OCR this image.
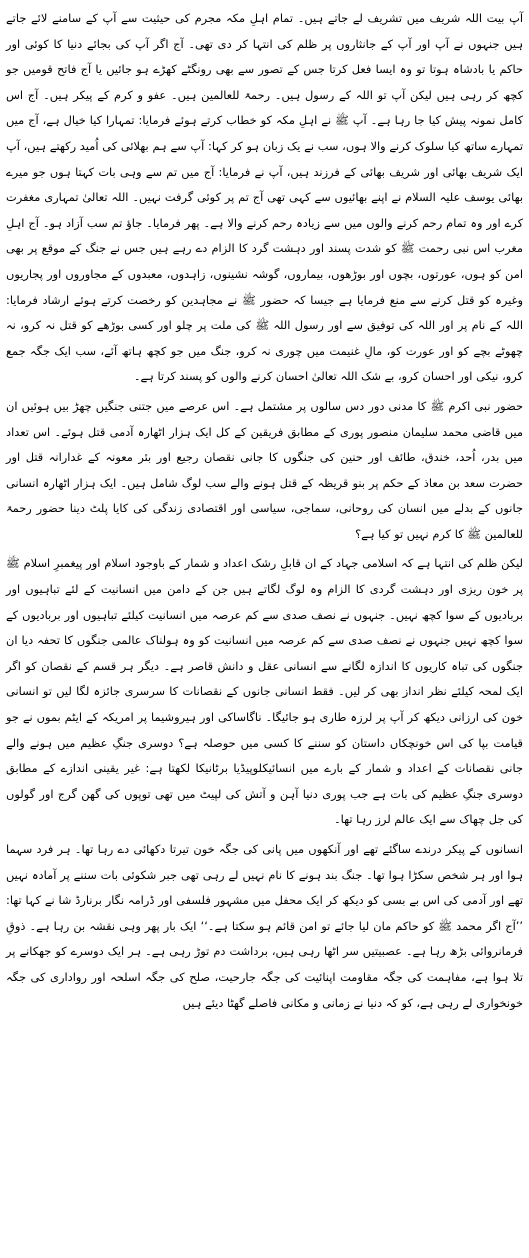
آپ بیت اللہ شریف میں تشریف لے جاتے ہیں۔ تمام اہلِ مکہ مجرم کی حیثیت سے آپ کے سامنے لائے جاتے ہیں جنہوں نے آپ اور آپ کے جانثاروں پر ظلم کی انتہا کر دی تھی۔ آج اگر آپ کی بجائے دنیا کا کوئی اور حاکم یا بادشاہ ہوتا تو وہ ایسا فعل کرتا جس کے تصور سے بھی رونگٹے کھڑے ہو جائیں یا آج فاتح قومیں جو کچھ کر رہی ہیں لیکن آپ تو اللہ کے رسول ہیں۔ رحمۃ للعالمین ہیں۔ عفو و کرم کے پیکر ہیں۔ آج اس کامل نمونہ پیش کیا جا رہا ہے۔ آپ ﷺ نے اہلِ مکہ کو خطاب کرتے ہوئے فرمایا: تمہارا کیا خیال ہے، آج میں تمہارے ساتھ کیا سلوک کرنے والا ہوں، سب نے یک زبان ہو کر کہا: آپ سے ہم بھلائی کی اُمید رکھتے ہیں، آپ ایک شریف بھائی اور شریف بھائی کے فرزند ہیں، آپ نے فرمایا: آج میں تم سے وہی بات کہتا ہوں جو میرے بھائی یوسف علیہ السلام نے اپنے بھائیوں سے کہی تھی آج تم پر کوئی گرفت نہیں۔ اللہ تعالیٰ تمہاری مغفرت کرے اور وہ تمام رحم کرنے والوں میں سے زیادہ رحم کرنے والا ہے۔ پھر فرمایا۔ جاؤ تم سب آزاد ہو۔ آج اہلِ مغرب اس نبی رحمت ﷺ کو شدت پسند اور دہشت گرد کا الزام دے رہے ہیں جس نے جنگ کے موقع پر بھی امن کو ہوں، عورتوں، بچوں اور بوڑھوں، بیماروں، گوشہ نشینوں، زاہدوں، معبدوں کے مجاوروں اور پجاریوں وغیرہ کو قتل کرنے سے منع فرمایا ہے جیسا کہ حضور ﷺ نے مجاہدین کو رخصت کرتے ہوئے ارشاد فرمایا: اللہ کے نام پر اور اللہ کی توفیق سے اور رسول اللہ ﷺ کی ملت پر چلو اور کسی بوڑھے کو قتل نہ کرو، نہ چھوٹے بچے کو اور عورت کو، مالِ غنیمت میں چوری نہ کرو، جنگ میں جو کچھ ہاتھ آئے، سب ایک جگہ جمع کرو، نیکی اور احسان کرو، بے شک اللہ تعالیٰ احسان کرنے والوں کو پسند کرتا ہے۔

حضور نبی اکرم ﷺ کا مدنی دور دس سالوں پر مشتمل ہے۔ اس عرصے میں جتنی جنگیں چھڑ بیں ہوئیں ان میں قاضی محمد سلیمان منصور پوری کے مطابق فریقین کے کل ایک ہزار اٹھارہ آدمی قتل ہوئے۔ اس تعداد میں بدر، اُحد، خندق، طائف اور حنین کی جنگوں کا جانی نقصان رجیع اور بئر معونہ کے غدارانہ قتل اور حضرت سعد بن معاذ کے حکم پر بنو قریظہ کے قتل ہونے والے سب لوگ شامل ہیں۔ ایک ہزار اٹھارہ انسانی جانوں کے بدلے میں انسان کی روحانی، سماجی، سیاسی اور اقتصادی زندگی کی کایا پلٹ دینا حضور رحمۃ للعالمین ﷺ کا کرم نہیں تو کیا ہے؟

لیکن ظلم کی انتہا ہے کہ اسلامی جہاد کے ان قابلِ رشک اعداد و شمار کے باوجود اسلام اور پیغمبرِ اسلام ﷺ پر خون ریزی اور دہشت گردی کا الزام وہ لوگ لگاتے ہیں جن کے دامن میں انسانیت کے لئے تباہیوں اور بربادیوں کے سوا کچھ نہیں۔ جنہوں نے نصف صدی سے کم عرصہ میں انسانیت کیلئے تباہیوں اور بربادیوں کے سوا کچھ نہیں جنہوں نے نصف صدی سے کم عرصہ میں انسانیت کو وہ ہولناک عالمی جنگوں کا تحفہ دیا ان جنگوں کی تباہ کاریوں کا اندازہ لگانے سے انسانی عقل و دانش قاصر ہے۔ دیگر ہر قسم کے نقصان کو اگر ایک لمحہ کیلئے نظر انداز بھی کر لیں۔ فقط انسانی جانوں کے نقصانات کا سرسری جائزہ لگا لیں تو انسانی خون کی ارزانی دیکھ کر آپ پر لرزہ طاری ہو جائیگا۔ ناگاساکی اور ہیروشیما پر امریکہ کے ایٹم بموں نے جو قیامت بپا کی اس خونچکاں داستان کو سننے کا کسی میں حوصلہ ہے؟ دوسری جنگِ عظیم میں ہونے والے جانی نقصانات کے اعداد و شمار کے بارے میں انسائیکلوپیڈیا برٹانیکا لکھتا ہے: غیر یقینی اندازے کے مطابق دوسری جنگِ عظیم کی بات ہے جب پوری دنیا آہن و آتش کی لپیٹ میں تھی توپوں کی گھن گرج اور گولوں کی جل چھاک سے ایک عالم لرز رہا تھا۔

انسانوں کے پیکر درندے ساگئے تھے اور آنکھوں میں پانی کی جگہ خون تیرتا دکھائی دے رہا تھا۔ ہر فرد سہما ہوا اور ہر شخص سکڑا ہوا تھا۔ جنگ بند ہونے کا نام نہیں لے رہی تھی جبر شکوئی بات سننے پر آمادہ نہیں تھے اور آدمی کی اس بے بسی کو دیکھ کر ایک محفل میں مشہور فلسفی اور ڈرامہ نگار برنارڈ شا نے کہا تھا: ’’آج اگر محمد ﷺ کو حاکم مان لیا جائے تو امن قائم ہو سکتا ہے۔‘‘ ایک بار پھر وہی نقشہ بن رہا ہے۔ ذوقِ فرمانروائی بڑھ رہا ہے۔ عصبیتیں سر اٹھا رہی ہیں، برداشت دم توڑ رہی ہے۔ ہر ایک دوسرے کو جھکانے پر تلا ہوا ہے، مفاہمت کی جگہ مقاومت اپنائیت کی جگہ جارحیت، صلح کی جگہ اسلحہ اور رواداری کی جگہ خونخواری لے رہی ہے، کو کہ دنیا نے زمانی و مکانی فاصلے گھٹا دیئے ہیں
